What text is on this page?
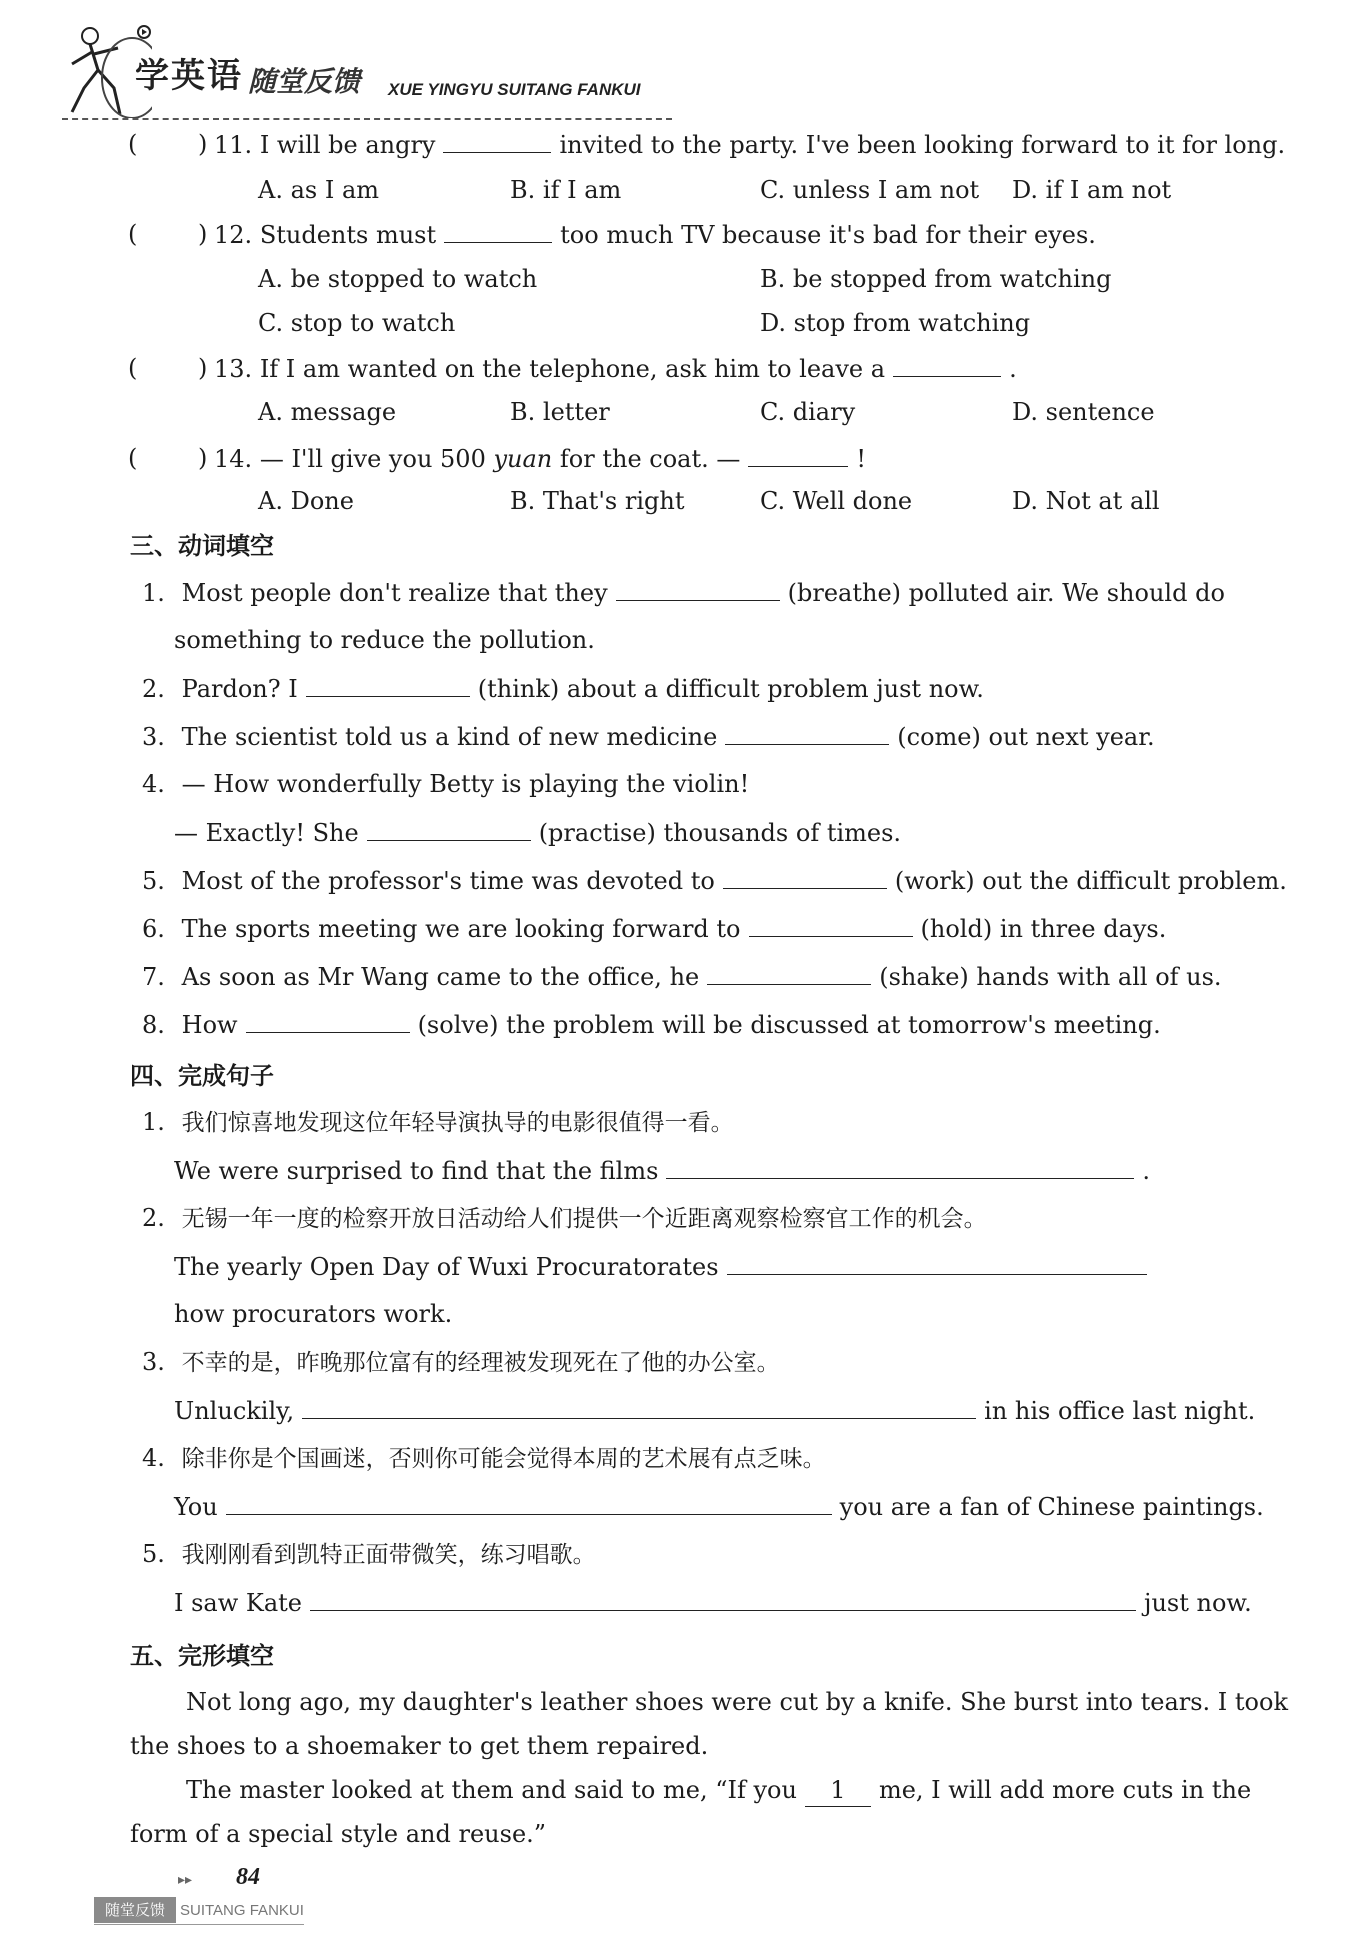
学英语 随堂反馈 XUE YINGYU SUITANG FANKUI
(	) 11. I will be angry	invited to the party. I've been looking forward to it for long.
A. as I am	B. if I am	C. unless I am not D. if I am not
(	) 12. Students must	too much TV because it's bad for their eyes.
A. be stopped to watch	B. be stopped from watching
C. stop to watch	D. stop from watching
(	) 13. If I am wanted on the telephone, ask him to leave a	.
A. message	B. letter	C. diary	D. sentence
(	) 14. — I'll give you 500 yuan for the coat. —	!
A. Done	B. That's right	C. Well done	D. Not at all
三、动词填空
1. Most people don't realize that they	(breathe) polluted air. We should do
something to reduce the pollution.
2. Pardon? I	(think) about a difficult problem just now.
3. The scientist told us a kind of new medicine	(come) out next year.
4. — How wonderfully Betty is playing the violin!
— Exactly! She	(practise) thousands of times.
5. Most of the professor's time was devoted to	(work) out the difficult problem.
6. The sports meeting we are looking forward to	(hold) in three days.
7. As soon as Mr Wang came to the office, he	(shake) hands with all of us.
8. How	(solve) the problem will be discussed at tomorrow's meeting.
四、完成句子
1. 我们惊喜地发现这位年轻导演执导的电影很值得一看。
We were surprised to find that the films	.
2. 无锡一年一度的检察开放日活动给人们提供一个近距离观察检察官工作的机会。
The yearly Open Day of Wuxi Procuratorates
how procurators work.
3. 不幸的是，昨晚那位富有的经理被发现死在了他的办公室。
Unluckily,	in his office last night.
4. 除非你是个国画迷，否则你可能会觉得本周的艺术展有点乏味。
You	you are a fan of Chinese paintings.
5. 我刚刚看到凯特正面带微笑，练习唱歌。
I saw Kate	just now.
五、完形填空
Not long ago, my daughter's leather shoes were cut by a knife. She burst into tears. I took
the shoes to a shoemaker to get them repaired.
The master looked at them and said to me, “If you 1 me, I will add more cuts in the
form of a special style and reuse.”
▸▸ 84
随堂反馈	SUITANG FANKUI
